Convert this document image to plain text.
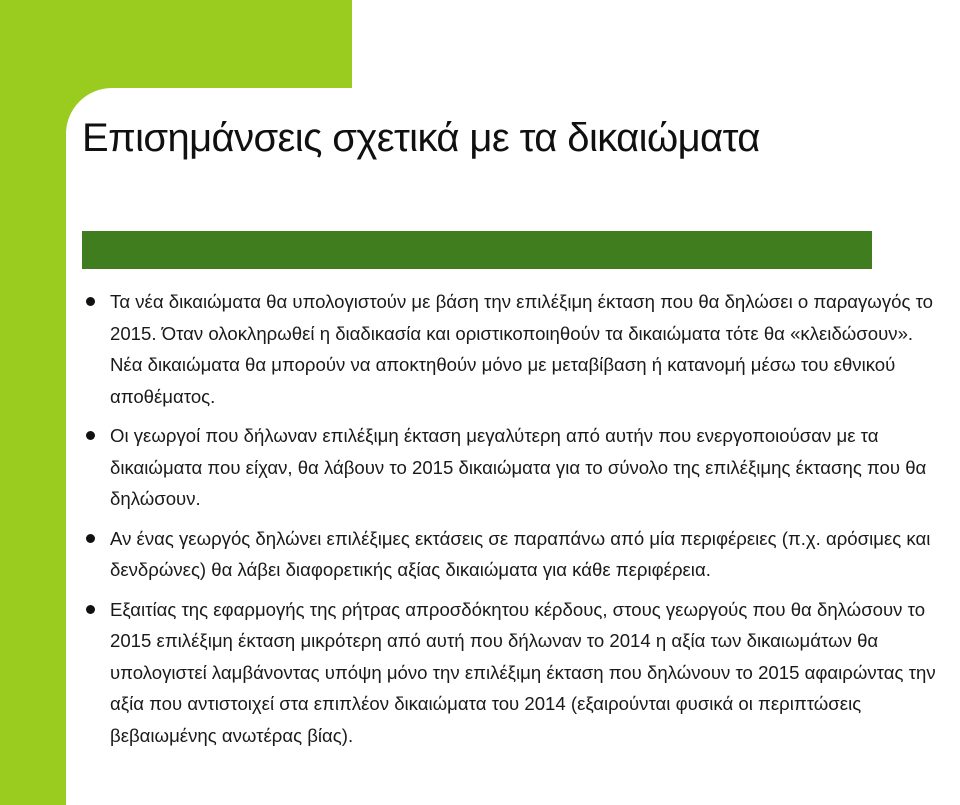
Επισημάνσεις σχετικά με τα δικαιώματα
Τα νέα δικαιώματα θα υπολογιστούν με βάση την επιλέξιμη έκταση που θα δηλώσει ο παραγωγός το 2015. Όταν ολοκληρωθεί η διαδικασία και οριστικοποιηθούν τα δικαιώματα τότε θα «κλειδώσουν». Νέα δικαιώματα θα μπορούν να αποκτηθούν μόνο με μεταβίβαση ή κατανομή μέσω του εθνικού αποθέματος.
Οι γεωργοί που δήλωναν επιλέξιμη έκταση μεγαλύτερη από αυτήν που ενεργοποιούσαν με τα δικαιώματα που είχαν, θα λάβουν το 2015 δικαιώματα για το σύνολο της επιλέξιμης έκτασης που θα δηλώσουν.
Αν ένας γεωργός δηλώνει επιλέξιμες εκτάσεις σε παραπάνω από μία περιφέρειες (π.χ. αρόσιμες και δενδρώνες) θα λάβει διαφορετικής αξίας δικαιώματα για κάθε περιφέρεια.
Εξαιτίας της εφαρμογής της ρήτρας απροσδόκητου κέρδους, στους γεωργούς που θα δηλώσουν το 2015 επιλέξιμη έκταση μικρότερη από αυτή που δήλωναν το 2014 η αξία των δικαιωμάτων θα υπολογιστεί λαμβάνοντας υπόψη μόνο την επιλέξιμη έκταση που δηλώνουν το 2015 αφαιρώντας την αξία που αντιστοιχεί στα επιπλέον δικαιώματα του 2014 (εξαιρούνται φυσικά οι περιπτώσεις βεβαιωμένης ανωτέρας βίας).
